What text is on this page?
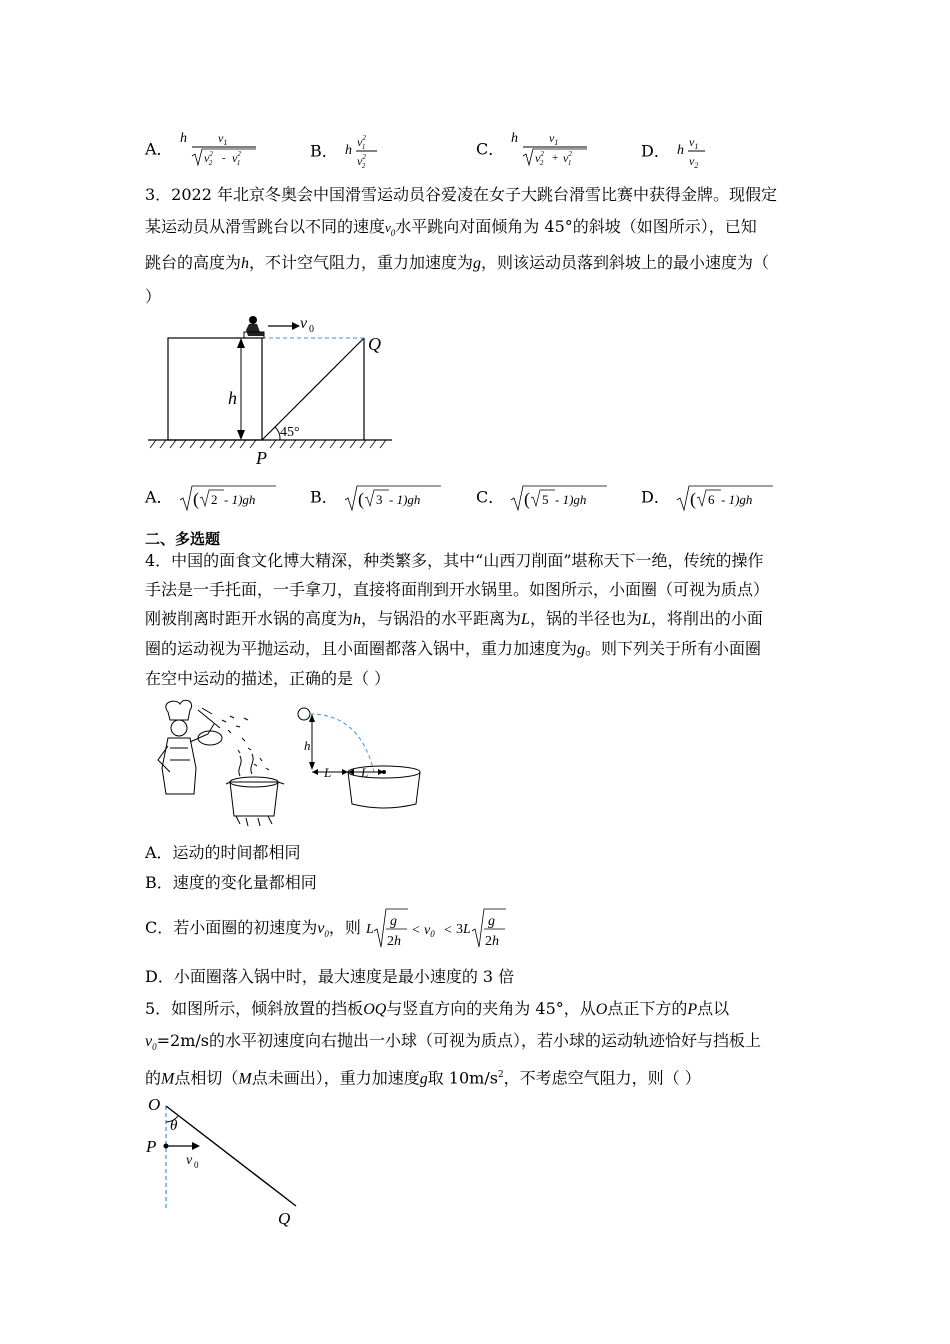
A．
h	$v_1$
$v^2$ $2 - v^2$ 1
B． h
$v^2$ 1
$v^2$ 2
C．
h	$v_1$
$v^2$ $2 + v^2$ 1
D． h
$v_1$
$v_2$
3．2022 年北京冬奥会中国滑雪运动员谷爱凌在女子大跳台滑雪比赛中获得金牌。现假定
某运动员从滑雪跳台以不同的速度$v_0$水平跳向对面倾角为 45°的斜坡（如图所示），已知
跳台的高度为h，不计空气阻力，重力加速度为g，则该运动员落到斜坡上的最小速度为（
）
v 0
h
Q
45°
P
A． ( 2 - 1)gh	B． ( 3 - 1)gh	C． ( 5 - 1)gh	D． ( 6 - 1)gh
二、多选题
4．中国的面食文化博大精深，种类繁多，其中“山西刀削面”堪称天下一绝，传统的操作
手法是一手托面，一手拿刀，直接将面削到开水锅里。如图所示，小面圈（可视为质点）
刚被削离时距开水锅的高度为h，与锅沿的水平距离为L，锅的半径也为L，将削出的小面
圈的运动视为平抛运动，且小面圈都落入锅中，重力加速度为g。则下列关于所有小面圈
在空中运动的描述，正确的是（ ）
h
L L
A．运动的时间都相同
B．速度的变化量都相同
C．若小面圈的初速度为$v_0$，则 L
g
2h
< $v_0 < 3L$
g
2h
D．小面圈落入锅中时，最大速度是最小速度的 3 倍
5．如图所示，倾斜放置的挡板OQ与竖直方向的夹角为 45°，从O点正下方的P点以
$v_0=2m/s$的水平初速度向右抛出一小球（可视为质点），若小球的运动轨迹恰好与挡板上
的M点相切（M点未画出），重力加速度g取 $10m/s^2$，不考虑空气阻力，则（ ）
O
θ
P
v 0
Q
